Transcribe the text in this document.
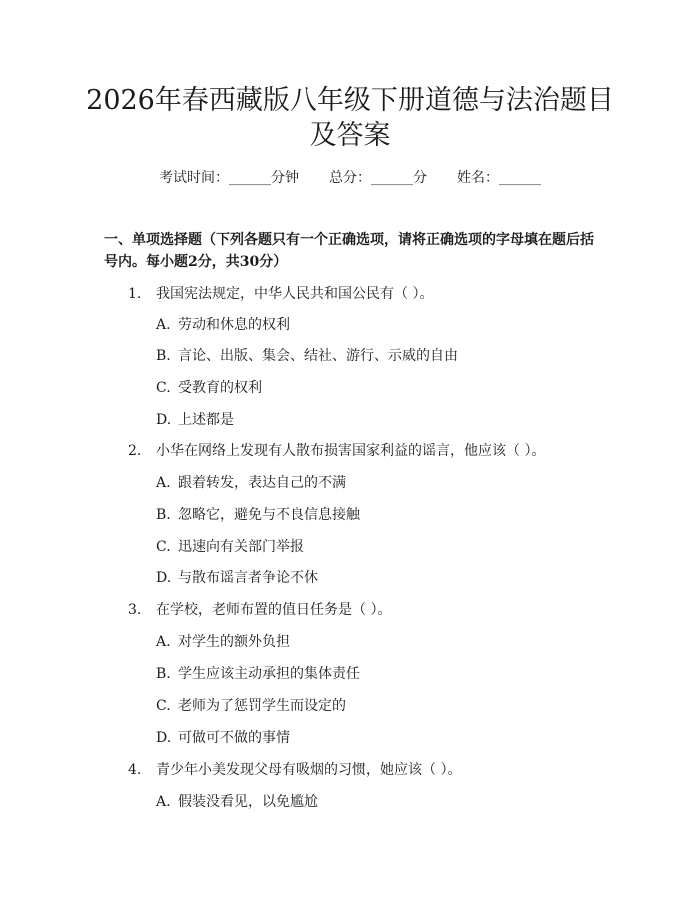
2026年春西藏版八年级下册道德与法治题目
及答案
考试时间：______分钟 总分：______分 姓名：______
一、单项选择题（下列各题只有一个正确选项，请将正确选项的字母填在题后括号内。每小题2分，共30分）
1. 我国宪法规定，中华人民共和国公民有（ ）。
A. 劳动和休息的权利
B. 言论、出版、集会、结社、游行、示威的自由
C. 受教育的权利
D. 上述都是
2. 小华在网络上发现有人散布损害国家利益的谣言，他应该（ ）。
A. 跟着转发，表达自己的不满
B. 忽略它，避免与不良信息接触
C. 迅速向有关部门举报
D. 与散布谣言者争论不休
3. 在学校，老师布置的值日任务是（ ）。
A. 对学生的额外负担
B. 学生应该主动承担的集体责任
C. 老师为了惩罚学生而设定的
D. 可做可不做的事情
4. 青少年小美发现父母有吸烟的习惯，她应该（ ）。
A. 假装没看见，以免尴尬
